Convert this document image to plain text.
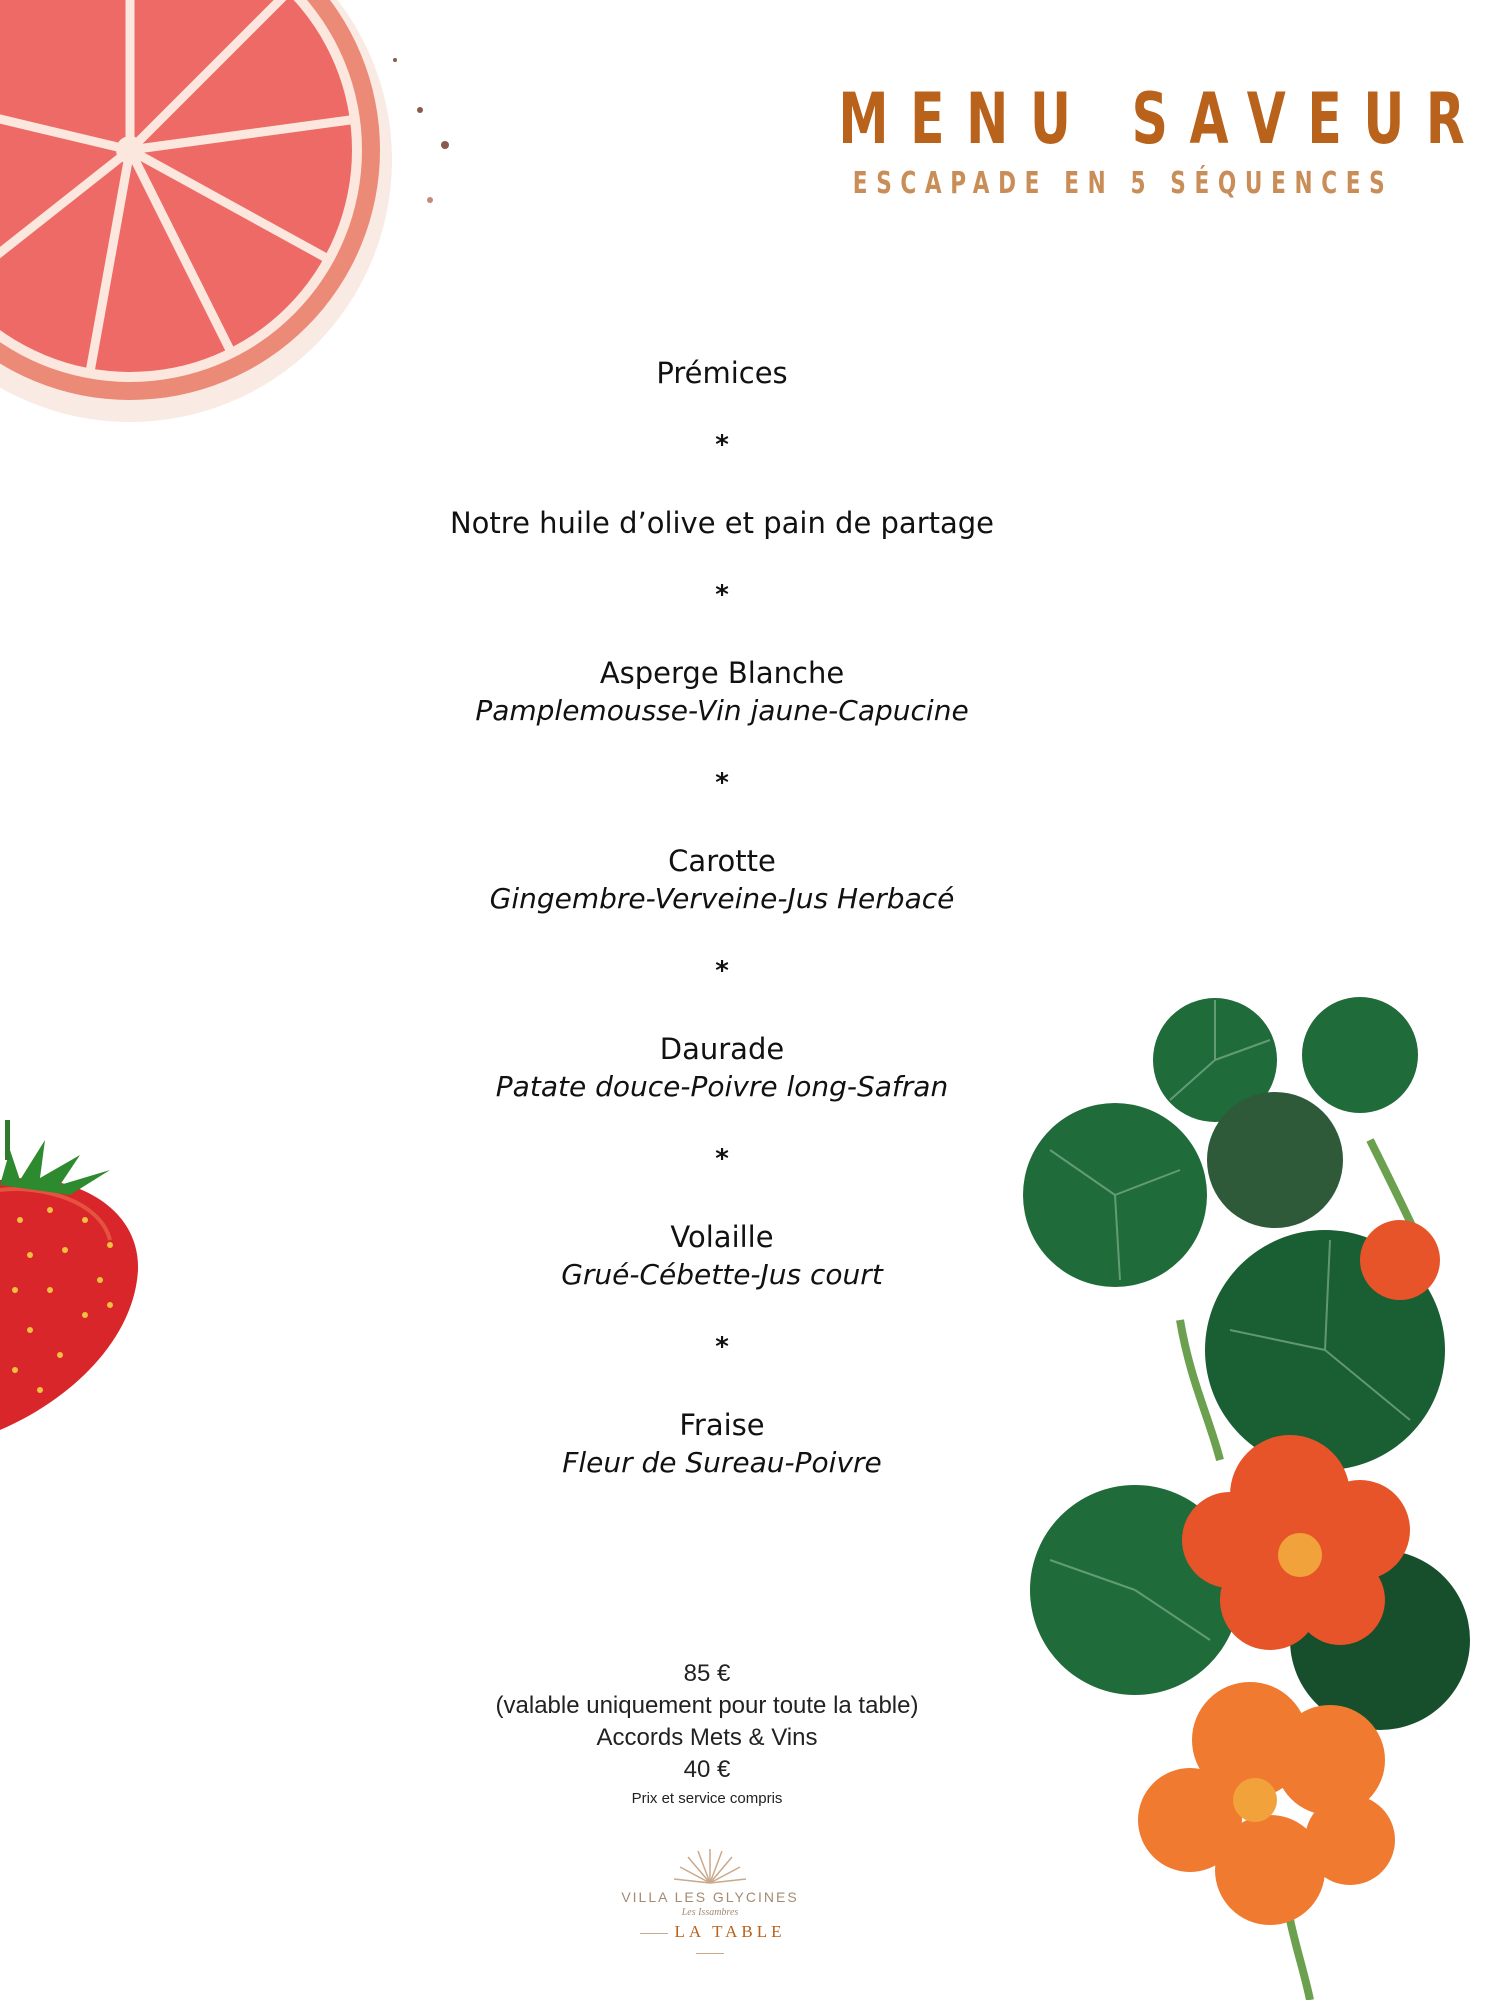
MENU SAVEUR
ESCAPADE EN 5 SÉQUENCES
Prémices
*
Notre huile d’olive et pain de partage
*
Asperge Blanche
Pamplemousse-Vin jaune-Capucine
*
Carotte
Gingembre-Verveine-Jus Herbacé
*
Daurade
Patate douce-Poivre long-Safran
*
Volaille
Grué-Cébette-Jus court
*
Fraise
Fleur de Sureau-Poivre
85 €
(valable uniquement pour toute la table)
Accords Mets & Vins
40 €
Prix et service compris
VILLA LES GLYCINES
Les Issambres
LA TABLE
